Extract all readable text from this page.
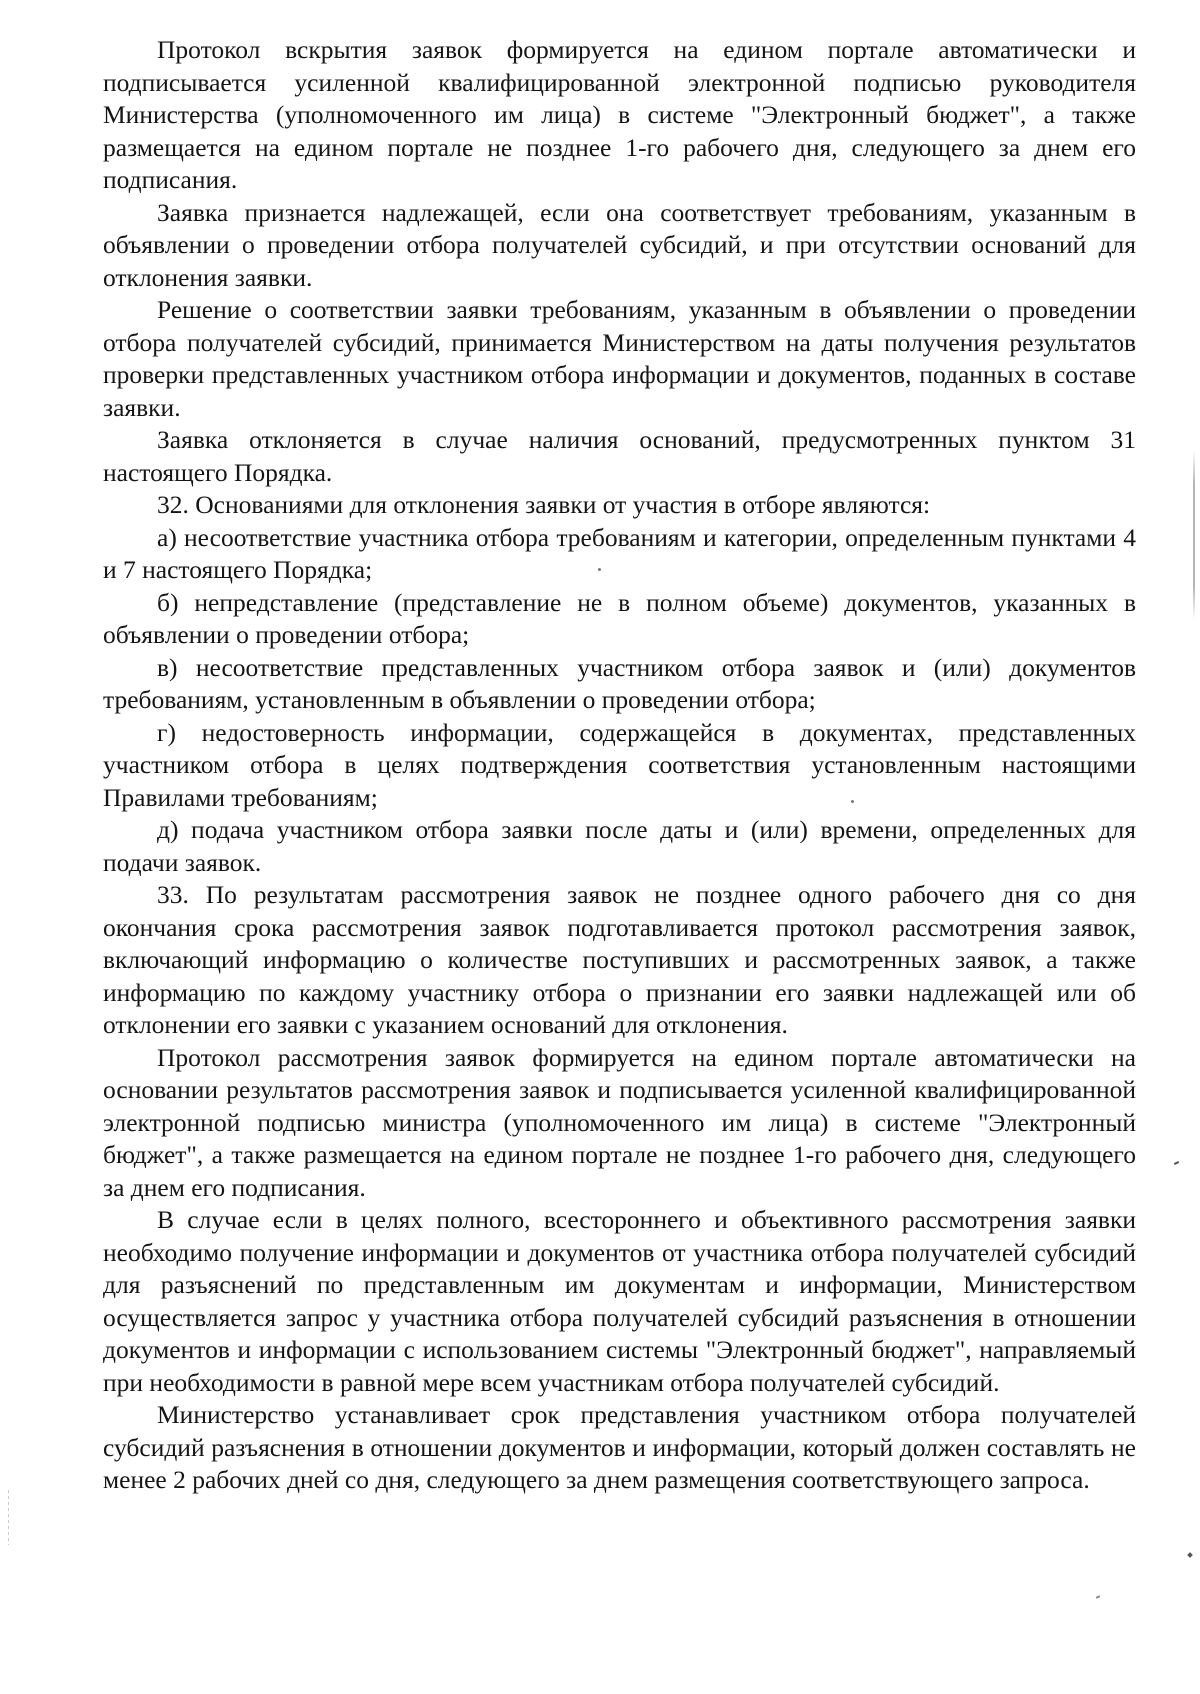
Протокол вскрытия заявок формируется на едином портале автоматически и подписывается усиленной квалифицированной электронной подписью руководителя Министерства (уполномоченного им лица) в системе "Электронный бюджет", а также размещается на едином портале не позднее 1-го рабочего дня, следующего за днем его подписания.

Заявка признается надлежащей, если она соответствует требованиям, указанным в объявлении о проведении отбора получателей субсидий, и при отсутствии оснований для отклонения заявки.

Решение о соответствии заявки требованиям, указанным в объявлении о проведении отбора получателей субсидий, принимается Министерством на даты получения результатов проверки представленных участником отбора информации и документов, поданных в составе заявки.

Заявка отклоняется в случае наличия оснований, предусмотренных пунктом 31 настоящего Порядка.

32. Основаниями для отклонения заявки от участия в отборе являются:

а) несоответствие участника отбора требованиям и категории, определенным пунктами 4 и 7 настоящего Порядка;

б) непредставление (представление не в полном объеме) документов, указанных в объявлении о проведении отбора;

в) несоответствие представленных участником отбора заявок и (или) документов требованиям, установленным в объявлении о проведении отбора;

г) недостоверность информации, содержащейся в документах, представленных участником отбора в целях подтверждения соответствия установленным настоящими Правилами требованиям;

д) подача участником отбора заявки после даты и (или) времени, определенных для подачи заявок.

33. По результатам рассмотрения заявок не позднее одного рабочего дня со дня окончания срока рассмотрения заявок подготавливается протокол рассмотрения заявок, включающий информацию о количестве поступивших и рассмотренных заявок, а также информацию по каждому участнику отбора о признании его заявки надлежащей или об отклонении его заявки с указанием оснований для отклонения.

Протокол рассмотрения заявок формируется на едином портале автоматически на основании результатов рассмотрения заявок и подписывается усиленной квалифицированной электронной подписью министра (уполномоченного им лица) в системе "Электронный бюджет", а также размещается на едином портале не позднее 1-го рабочего дня, следующего за днем его подписания.

В случае если в целях полного, всестороннего и объективного рассмотрения заявки необходимо получение информации и документов от участника отбора получателей субсидий для разъяснений по представленным им документам и информации, Министерством осуществляется запрос у участника отбора получателей субсидий разъяснения в отношении документов и информации с использованием системы "Электронный бюджет", направляемый при необходимости в равной мере всем участникам отбора получателей субсидий.

Министерство устанавливает срок представления участником отбора получателей субсидий разъяснения в отношении документов и информации, который должен составлять не менее 2 рабочих дней со дня, следующего за днем размещения соответствующего запроса.
